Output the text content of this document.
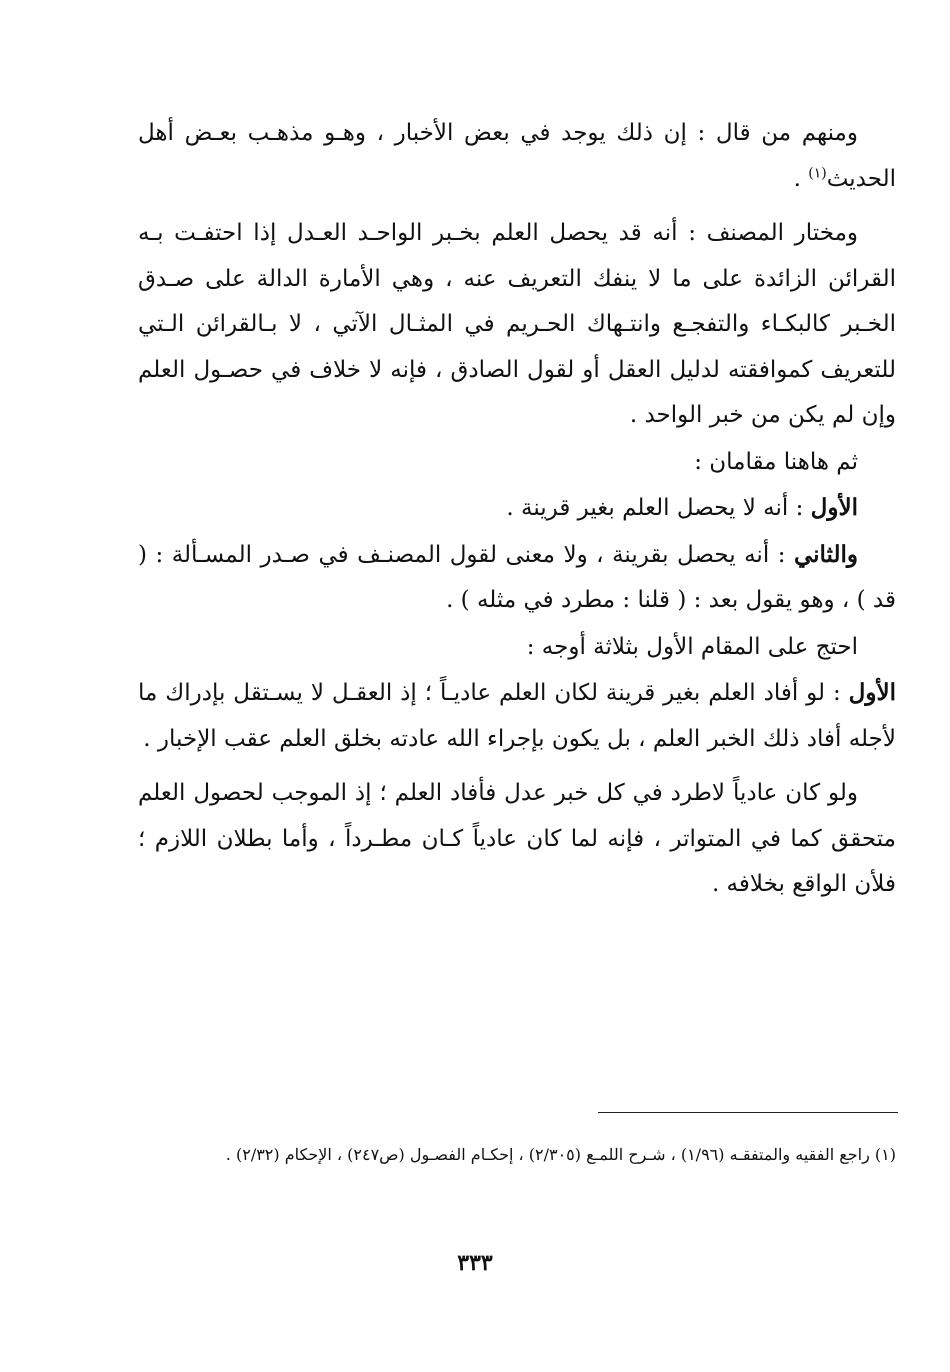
ومنهم من قال : إن ذلك يوجد في بعض الأخبار ، وهـو مذهـب بعـض أهل الحديث$^{(١)}$ .

ومختار المصنف : أنه قد يحصل العلم بخـبر الواحـد العـدل إذا احتفـت بـه القرائن الزائدة على ما لا ينفك التعريف عنه ، وهي الأمارة الدالة على صـدق الخـبر كالبكـاء والتفجـع وانتـهاك الحـريم في المثـال الآتي ، لا بـالقرائن الـتي للتعريف كموافقته لدليل العقل أو لقول الصادق ، فإنه لا خلاف في حصـول العلم وإن لم يكن من خبر الواحد .

ثم هاهنا مقامان :

الأول : أنه لا يحصل العلم بغير قرينة .

والثاني : أنه يحصل بقرينة ، ولا معنى لقول المصنـف في صـدر المسـألة : ( قد ) ، وهو يقول بعد : ( قلنا : مطرد في مثله ) .

احتج على المقام الأول بثلاثة أوجه :

الأول : لو أفاد العلم بغير قرينة لكان العلم عاديـاً ؛ إذ العقـل لا يسـتقل بإدراك ما لأجله أفاد ذلك الخبر العلم ، بل يكون بإجراء الله عادته بخلق العلم عقب الإخبار .

ولو كان عادياً لاطرد في كل خبر عدل فأفاد العلم ؛ إذ الموجب لحصول العلم متحقق كما في المتواتر ، فإنه لما كان عادياً كـان مطـرداً ، وأما بطلان اللازم ؛ فلأن الواقع بخلافه .

(١) راجع الفقيه والمتفقـه (١/٩٦) ، شـرح اللمـع (٢/٣٠٥) ، إحكـام الفصـول (ص٢٤٧) ، الإحكام (٢/٣٢) .

٣٣٣
